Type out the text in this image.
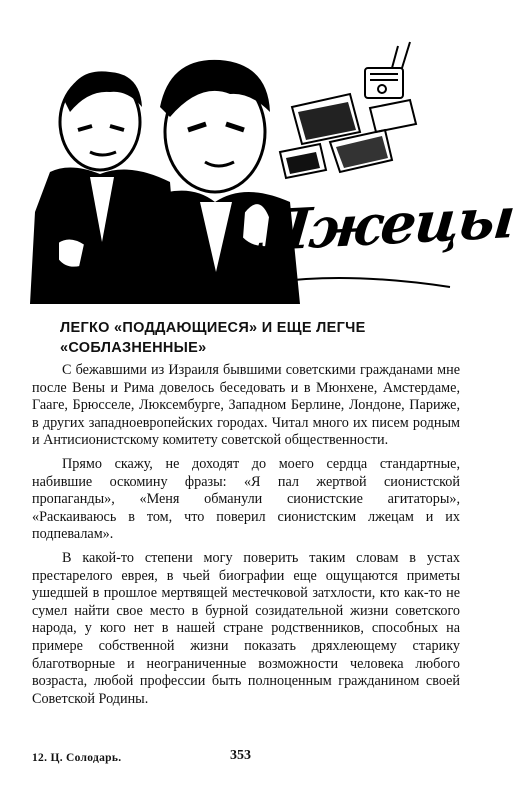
Лжецы
ЛЕГКО «ПОДДАЮЩИЕСЯ» И ЕЩЕ ЛЕГЧЕ
«СОБЛАЗНЕННЫЕ»

С бежавшими из Израиля бывшими советскими гражданами мне после Вены и Рима довелось беседовать и в Мюнхене, Амстердаме, Гааге, Брюсселе, Люксембурге, Западном Берлине, Лондоне, Париже, в других западноевропейских городах. Читал много их писем родным и Антисионистскому комитету советской общественности.

Прямо скажу, не доходят до моего сердца стандартные, набившие оскомину фразы: «Я пал жертвой сионистской пропаганды», «Меня обманули сионистские агитаторы», «Раскаиваюсь в том, что поверил сионистским лжецам и их подпевалам».

В какой-то степени могу поверить таким словам в устах престарелого еврея, в чьей биографии еще ощущаются приметы ушедшей в прошлое мертвящей местечковой затхлости, кто как-то не сумел найти свое место в бурной созидательной жизни советского народа, у кого нет в нашей стране родственников, способных на примере собственной жизни показать дряхлеющему старику благотворные и неограниченные возможности человека любого возраста, любой профессии быть полноценным гражданином своей Советской Родины.

12. Ц. Солодарь.	353
